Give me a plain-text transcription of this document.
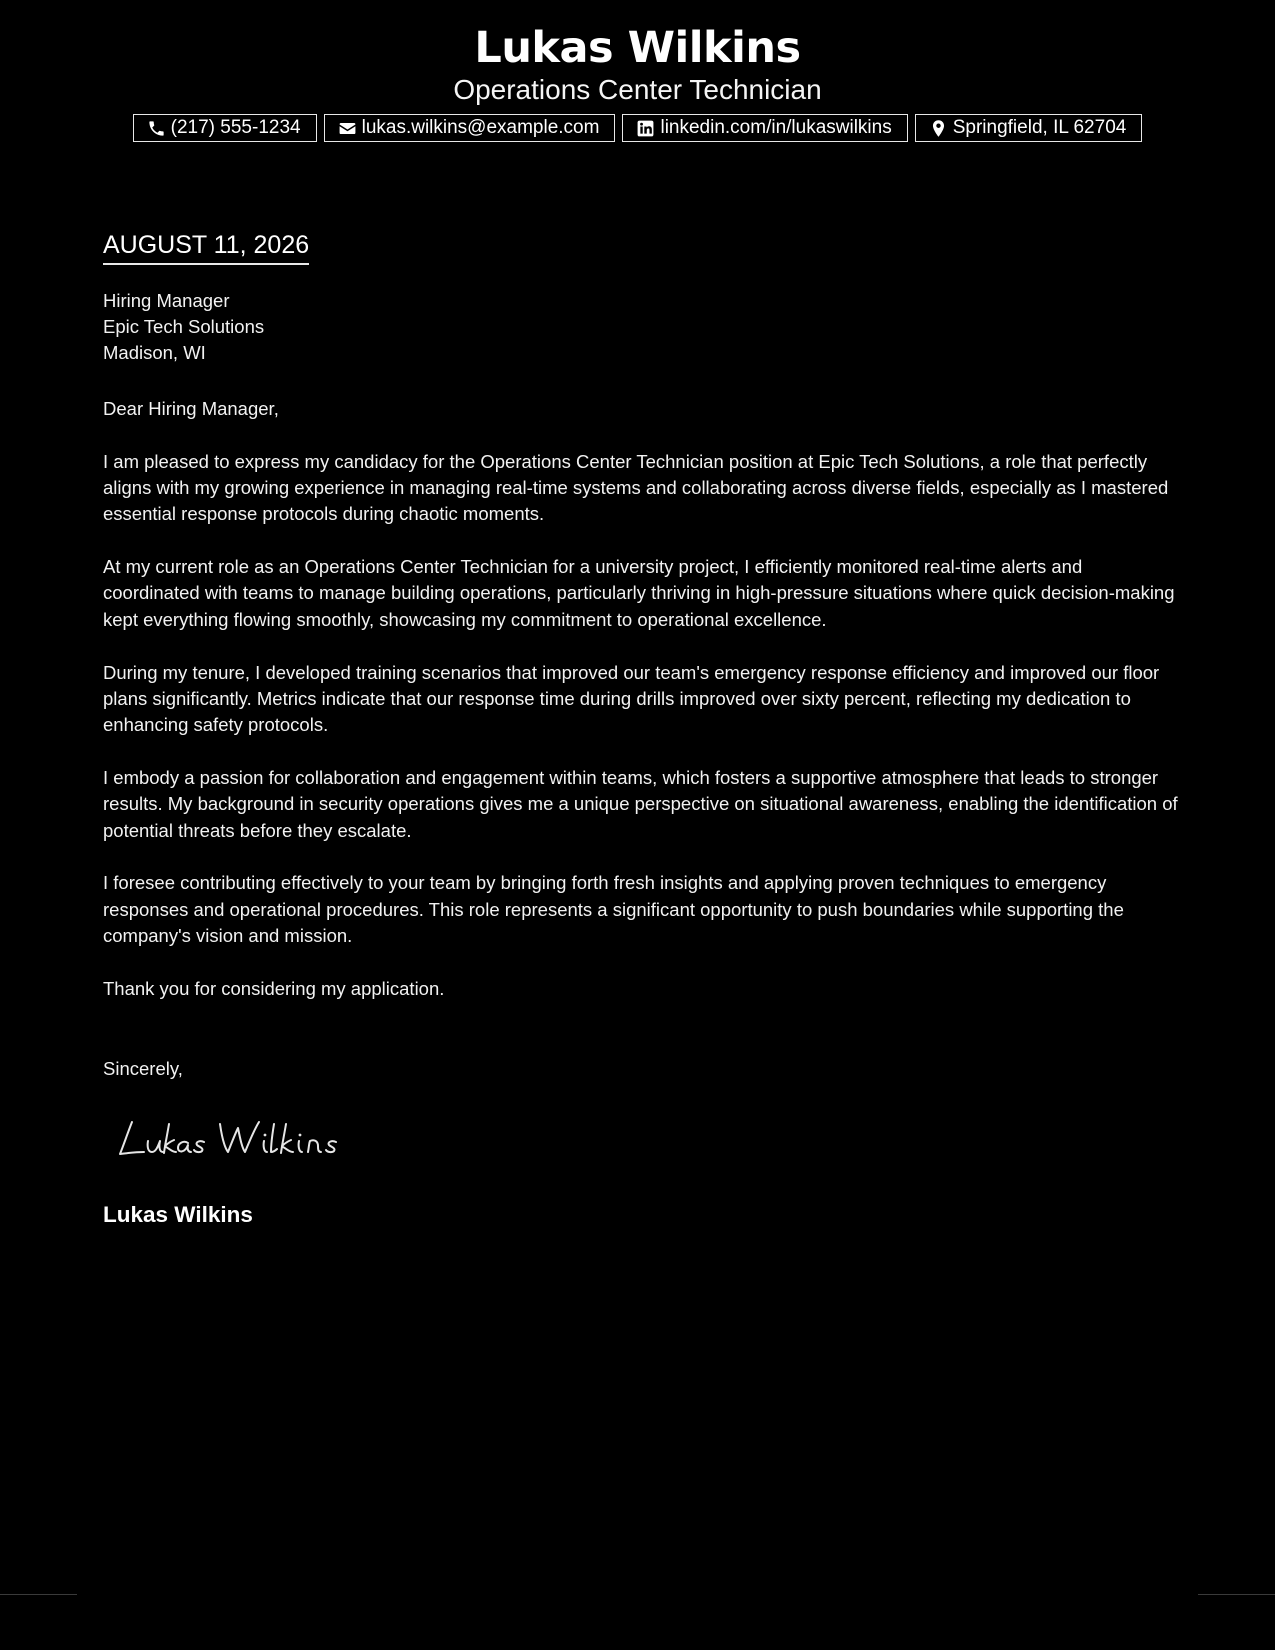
Lukas Wilkins
Operations Center Technician
(217) 555-1234	lukas.wilkins@example.com	linkedin.com/in/lukaswilkins	Springfield, IL 62704
AUGUST 11, 2026
Hiring Manager
Epic Tech Solutions
Madison, WI

Dear Hiring Manager,

I am pleased to express my candidacy for the Operations Center Technician position at Epic Tech Solutions, a role that perfectly aligns with my growing experience in managing real-time systems and collaborating across diverse fields, especially as I mastered essential response protocols during chaotic moments.

At my current role as an Operations Center Technician for a university project, I efficiently monitored real-time alerts and coordinated with teams to manage building operations, particularly thriving in high-pressure situations where quick decision-making kept everything flowing smoothly, showcasing my commitment to operational excellence.

During my tenure, I developed training scenarios that improved our team's emergency response efficiency and improved our floor plans significantly. Metrics indicate that our response time during drills improved over sixty percent, reflecting my dedication to enhancing safety protocols.

I embody a passion for collaboration and engagement within teams, which fosters a supportive atmosphere that leads to stronger results. My background in security operations gives me a unique perspective on situational awareness, enabling the identification of potential threats before they escalate.

I foresee contributing effectively to your team by bringing forth fresh insights and applying proven techniques to emergency responses and operational procedures. This role represents a significant opportunity to push boundaries while supporting the company's vision and mission.

Thank you for considering my application.

Sincerely,
Lukas Wilkins
